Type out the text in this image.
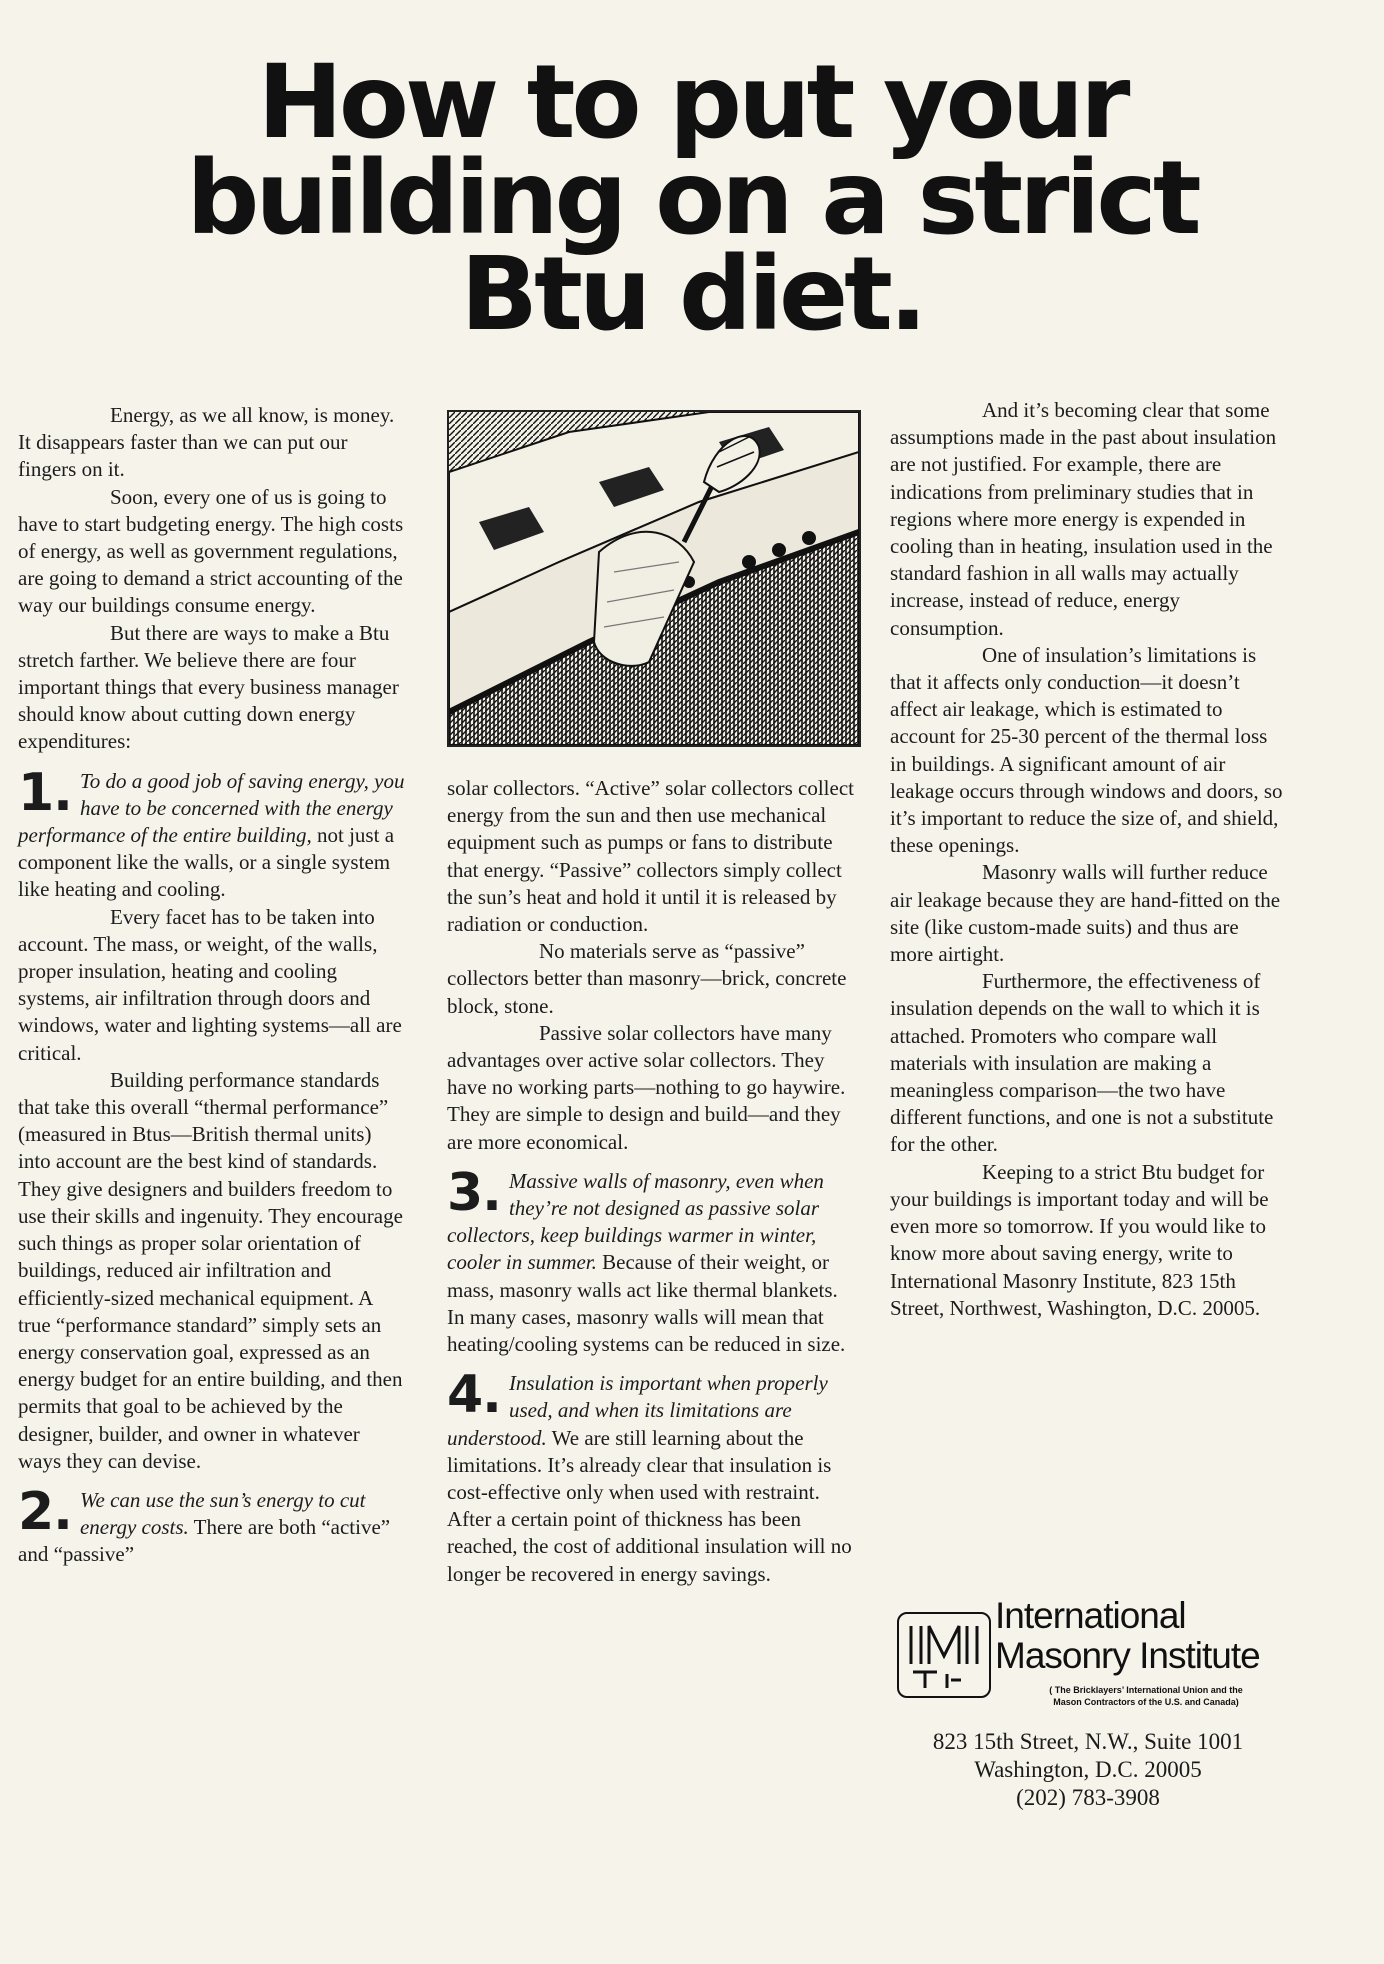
How to put your
building on a strict
Btu diet.

Energy, as we all know, is money. It disappears faster than we can put our fingers on it.

Soon, every one of us is going to have to start budgeting energy. The high costs of energy, as well as government regulations, are going to demand a strict accounting of the way our buildings consume energy.

But there are ways to make a Btu stretch farther. We believe there are four important things that every business manager should know about cutting down energy expenditures:

1. To do a good job of saving energy, you have to be concerned with the energy performance of the entire building, not just a component like the walls, or a single system like heating and cooling.

Every facet has to be taken into account. The mass, or weight, of the walls, proper insulation, heating and cooling systems, air infiltration through doors and windows, water and lighting systems—all are critical.

Building performance standards that take this overall “thermal performance” (measured in Btus—British thermal units) into account are the best kind of standards. They give designers and builders freedom to use their skills and ingenuity. They encourage such things as proper solar orientation of buildings, reduced air infiltration and efficiently-sized mechanical equipment. A true “performance standard” simply sets an energy conservation goal, expressed as an energy budget for an entire building, and then permits that goal to be achieved by the designer, builder, and owner in whatever ways they can devise.

2. We can use the sun’s energy to cut energy costs. There are both “active” and “passive”

solar collectors. “Active” solar collectors collect energy from the sun and then use mechanical equipment such as pumps or fans to distribute that energy. “Passive” collectors simply collect the sun’s heat and hold it until it is released by radiation or conduction.

No materials serve as “passive” collectors better than masonry—brick, concrete block, stone.

Passive solar collectors have many advantages over active solar collectors. They have no working parts—nothing to go haywire. They are simple to design and build—and they are more economical.

3. Massive walls of masonry, even when they’re not designed as passive solar collectors, keep buildings warmer in winter, cooler in summer. Because of their weight, or mass, masonry walls act like thermal blankets. In many cases, masonry walls will mean that heating/cooling systems can be reduced in size.

4. Insulation is important when properly used, and when its limitations are understood. We are still learning about the limitations. It’s already clear that insulation is cost-effective only when used with restraint. After a certain point of thickness has been reached, the cost of additional insulation will no longer be recovered in energy savings.

And it’s becoming clear that some assumptions made in the past about insulation are not justified. For example, there are indications from preliminary studies that in regions where more energy is expended in cooling than in heating, insulation used in the standard fashion in all walls may actually increase, instead of reduce, energy consumption.

One of insulation’s limitations is that it affects only conduction—it doesn’t affect air leakage, which is estimated to account for 25-30 percent of the thermal loss in buildings. A significant amount of air leakage occurs through windows and doors, so it’s important to reduce the size of, and shield, these openings.

Masonry walls will further reduce air leakage because they are hand-fitted on the site (like custom-made suits) and thus are more airtight.

Furthermore, the effectiveness of insulation depends on the wall to which it is attached. Promoters who compare wall materials with insulation are making a meaningless comparison—the two have different functions, and one is not a substitute for the other.

Keeping to a strict Btu budget for your buildings is important today and will be even more so tomorrow. If you would like to know more about saving energy, write to International Masonry Institute, 823 15th Street, Northwest, Washington, D.C. 20005.

International
Masonry Institute
( The Bricklayers’ International Union and the
Mason Contractors of the U.S. and Canada)
823 15th Street, N.W., Suite 1001
Washington, D.C. 20005
(202) 783-3908
